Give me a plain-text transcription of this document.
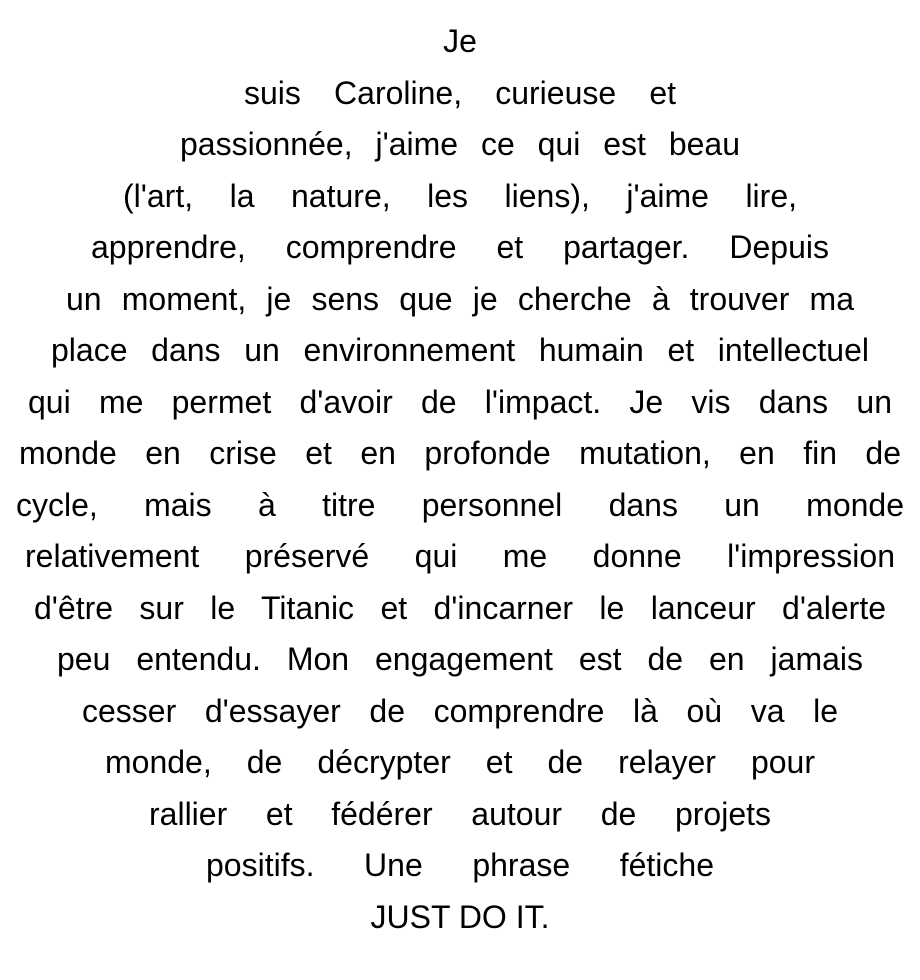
Je
suis Caroline, curieuse et
passionnée, j'aime ce qui est beau
(l'art, la nature, les liens), j'aime lire,
apprendre, comprendre et partager. Depuis
un moment, je sens que je cherche à trouver ma
place dans un environnement humain et intellectuel
qui me permet d'avoir de l'impact. Je vis dans un
monde en crise et en profonde mutation, en fin de
cycle, mais à titre personnel dans un monde
relativement préservé qui me donne l'impression
d'être sur le Titanic et d'incarner le lanceur d'alerte
peu entendu. Mon engagement est de en jamais
cesser d'essayer de comprendre là où va le
monde, de décrypter et de relayer pour
rallier et fédérer autour de projets
positifs. Une phrase fétiche
JUST DO IT.
